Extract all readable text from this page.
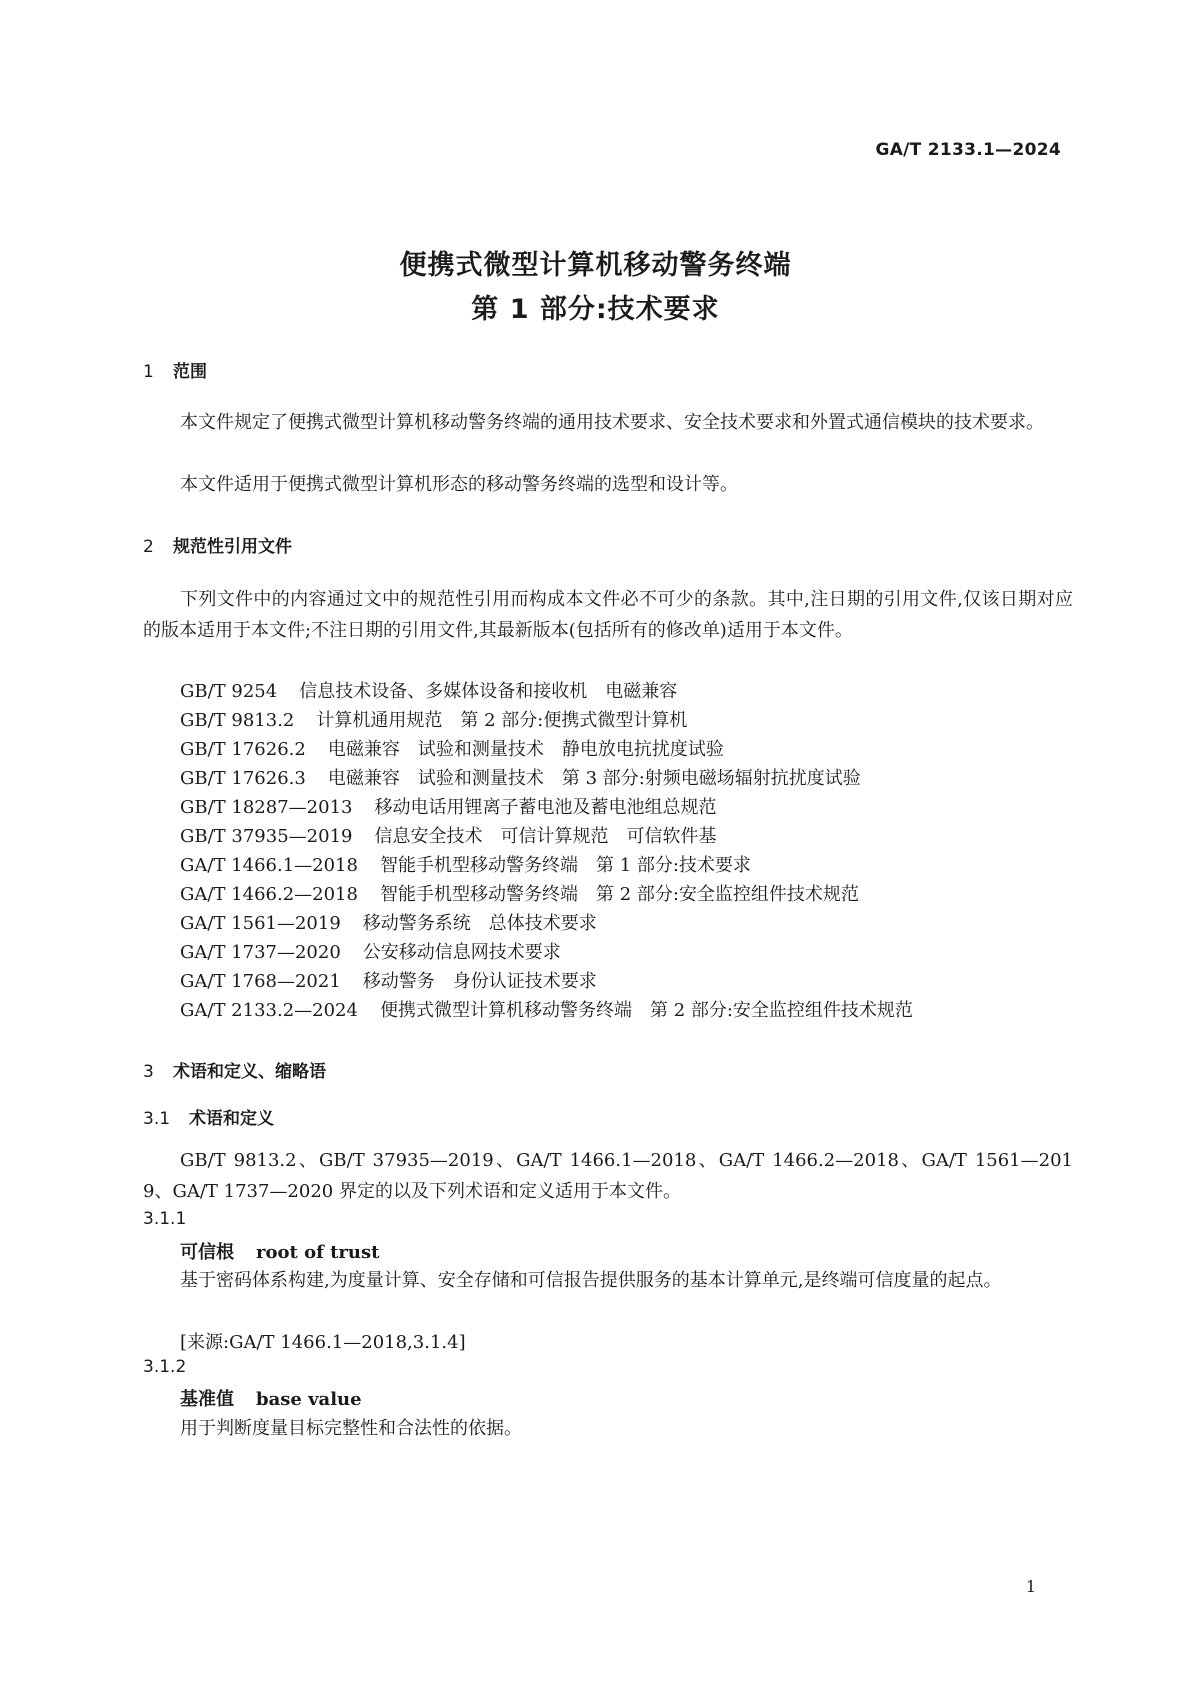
GA/T 2133.1—2024
便携式微型计算机移动警务终端
第 1 部分:技术要求
1 范围
本文件规定了便携式微型计算机移动警务终端的通用技术要求、安全技术要求和外置式通信模块的技术要求。
本文件适用于便携式微型计算机形态的移动警务终端的选型和设计等。
2 规范性引用文件
下列文件中的内容通过文中的规范性引用而构成本文件必不可少的条款。其中,注日期的引用文件,仅该日期对应的版本适用于本文件;不注日期的引用文件,其最新版本(包括所有的修改单)适用于本文件。
GB/T 9254 信息技术设备、多媒体设备和接收机　电磁兼容
GB/T 9813.2 计算机通用规范　第 2 部分:便携式微型计算机
GB/T 17626.2 电磁兼容　试验和测量技术　静电放电抗扰度试验
GB/T 17626.3 电磁兼容　试验和测量技术　第 3 部分:射频电磁场辐射抗扰度试验
GB/T 18287—2013 移动电话用锂离子蓄电池及蓄电池组总规范
GB/T 37935—2019 信息安全技术　可信计算规范　可信软件基
GA/T 1466.1—2018 智能手机型移动警务终端　第 1 部分:技术要求
GA/T 1466.2—2018 智能手机型移动警务终端　第 2 部分:安全监控组件技术规范
GA/T 1561—2019 移动警务系统　总体技术要求
GA/T 1737—2020 公安移动信息网技术要求
GA/T 1768—2021 移动警务　身份认证技术要求
GA/T 2133.2—2024 便携式微型计算机移动警务终端　第 2 部分:安全监控组件技术规范
3 术语和定义、缩略语
3.1 术语和定义
GB/T 9813.2、GB/T 37935—2019、GA/T 1466.1—2018、GA/T 1466.2—2018、GA/T 1561—2019、GA/T 1737—2020 界定的以及下列术语和定义适用于本文件。
3.1.1
可信根 root of trust
基于密码体系构建,为度量计算、安全存储和可信报告提供服务的基本计算单元,是终端可信度量的起点。
[来源:GA/T 1466.1—2018,3.1.4]
3.1.2
基准值 base value
用于判断度量目标完整性和合法性的依据。
1
